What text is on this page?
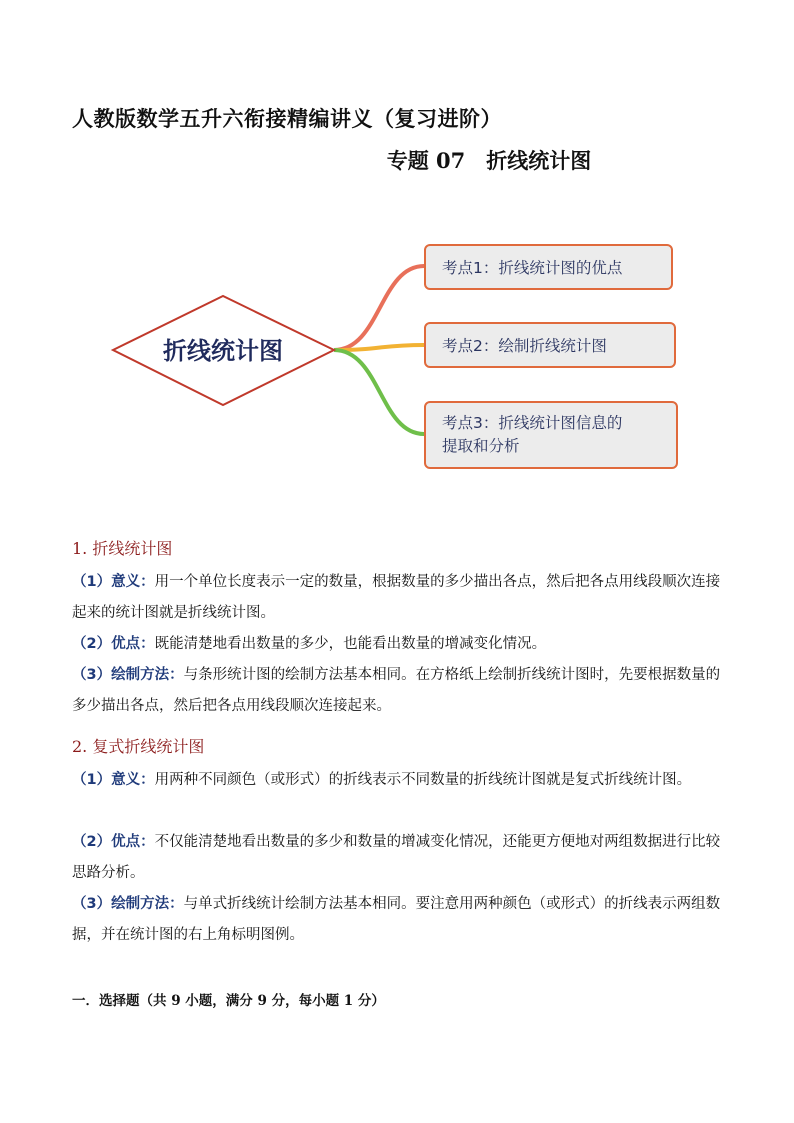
人教版数学五升六衔接精编讲义（复习进阶）
专题 07　折线统计图
折线统计图
考点1：折线统计图的优点
考点2：绘制折线统计图
考点3：折线统计图信息的
提取和分析
1. 折线统计图
（1）意义：用一个单位长度表示一定的数量，根据数量的多少描出各点，然后把各点用线段顺次连接起来的统计图就是折线统计图。
（2）优点：既能清楚地看出数量的多少，也能看出数量的增减变化情况。
（3）绘制方法：与条形统计图的绘制方法基本相同。在方格纸上绘制折线统计图时，先要根据数量的多少描出各点，然后把各点用线段顺次连接起来。
2. 复式折线统计图
（1）意义：用两种不同颜色（或形式）的折线表示不同数量的折线统计图就是复式折线统计图。
（2）优点：不仅能清楚地看出数量的多少和数量的增减变化情况，还能更方便地对两组数据进行比较思路分析。
（3）绘制方法：与单式折线统计绘制方法基本相同。要注意用两种颜色（或形式）的折线表示两组数据，并在统计图的右上角标明图例。
一．选择题（共 9 小题，满分 9 分，每小题 1 分）
